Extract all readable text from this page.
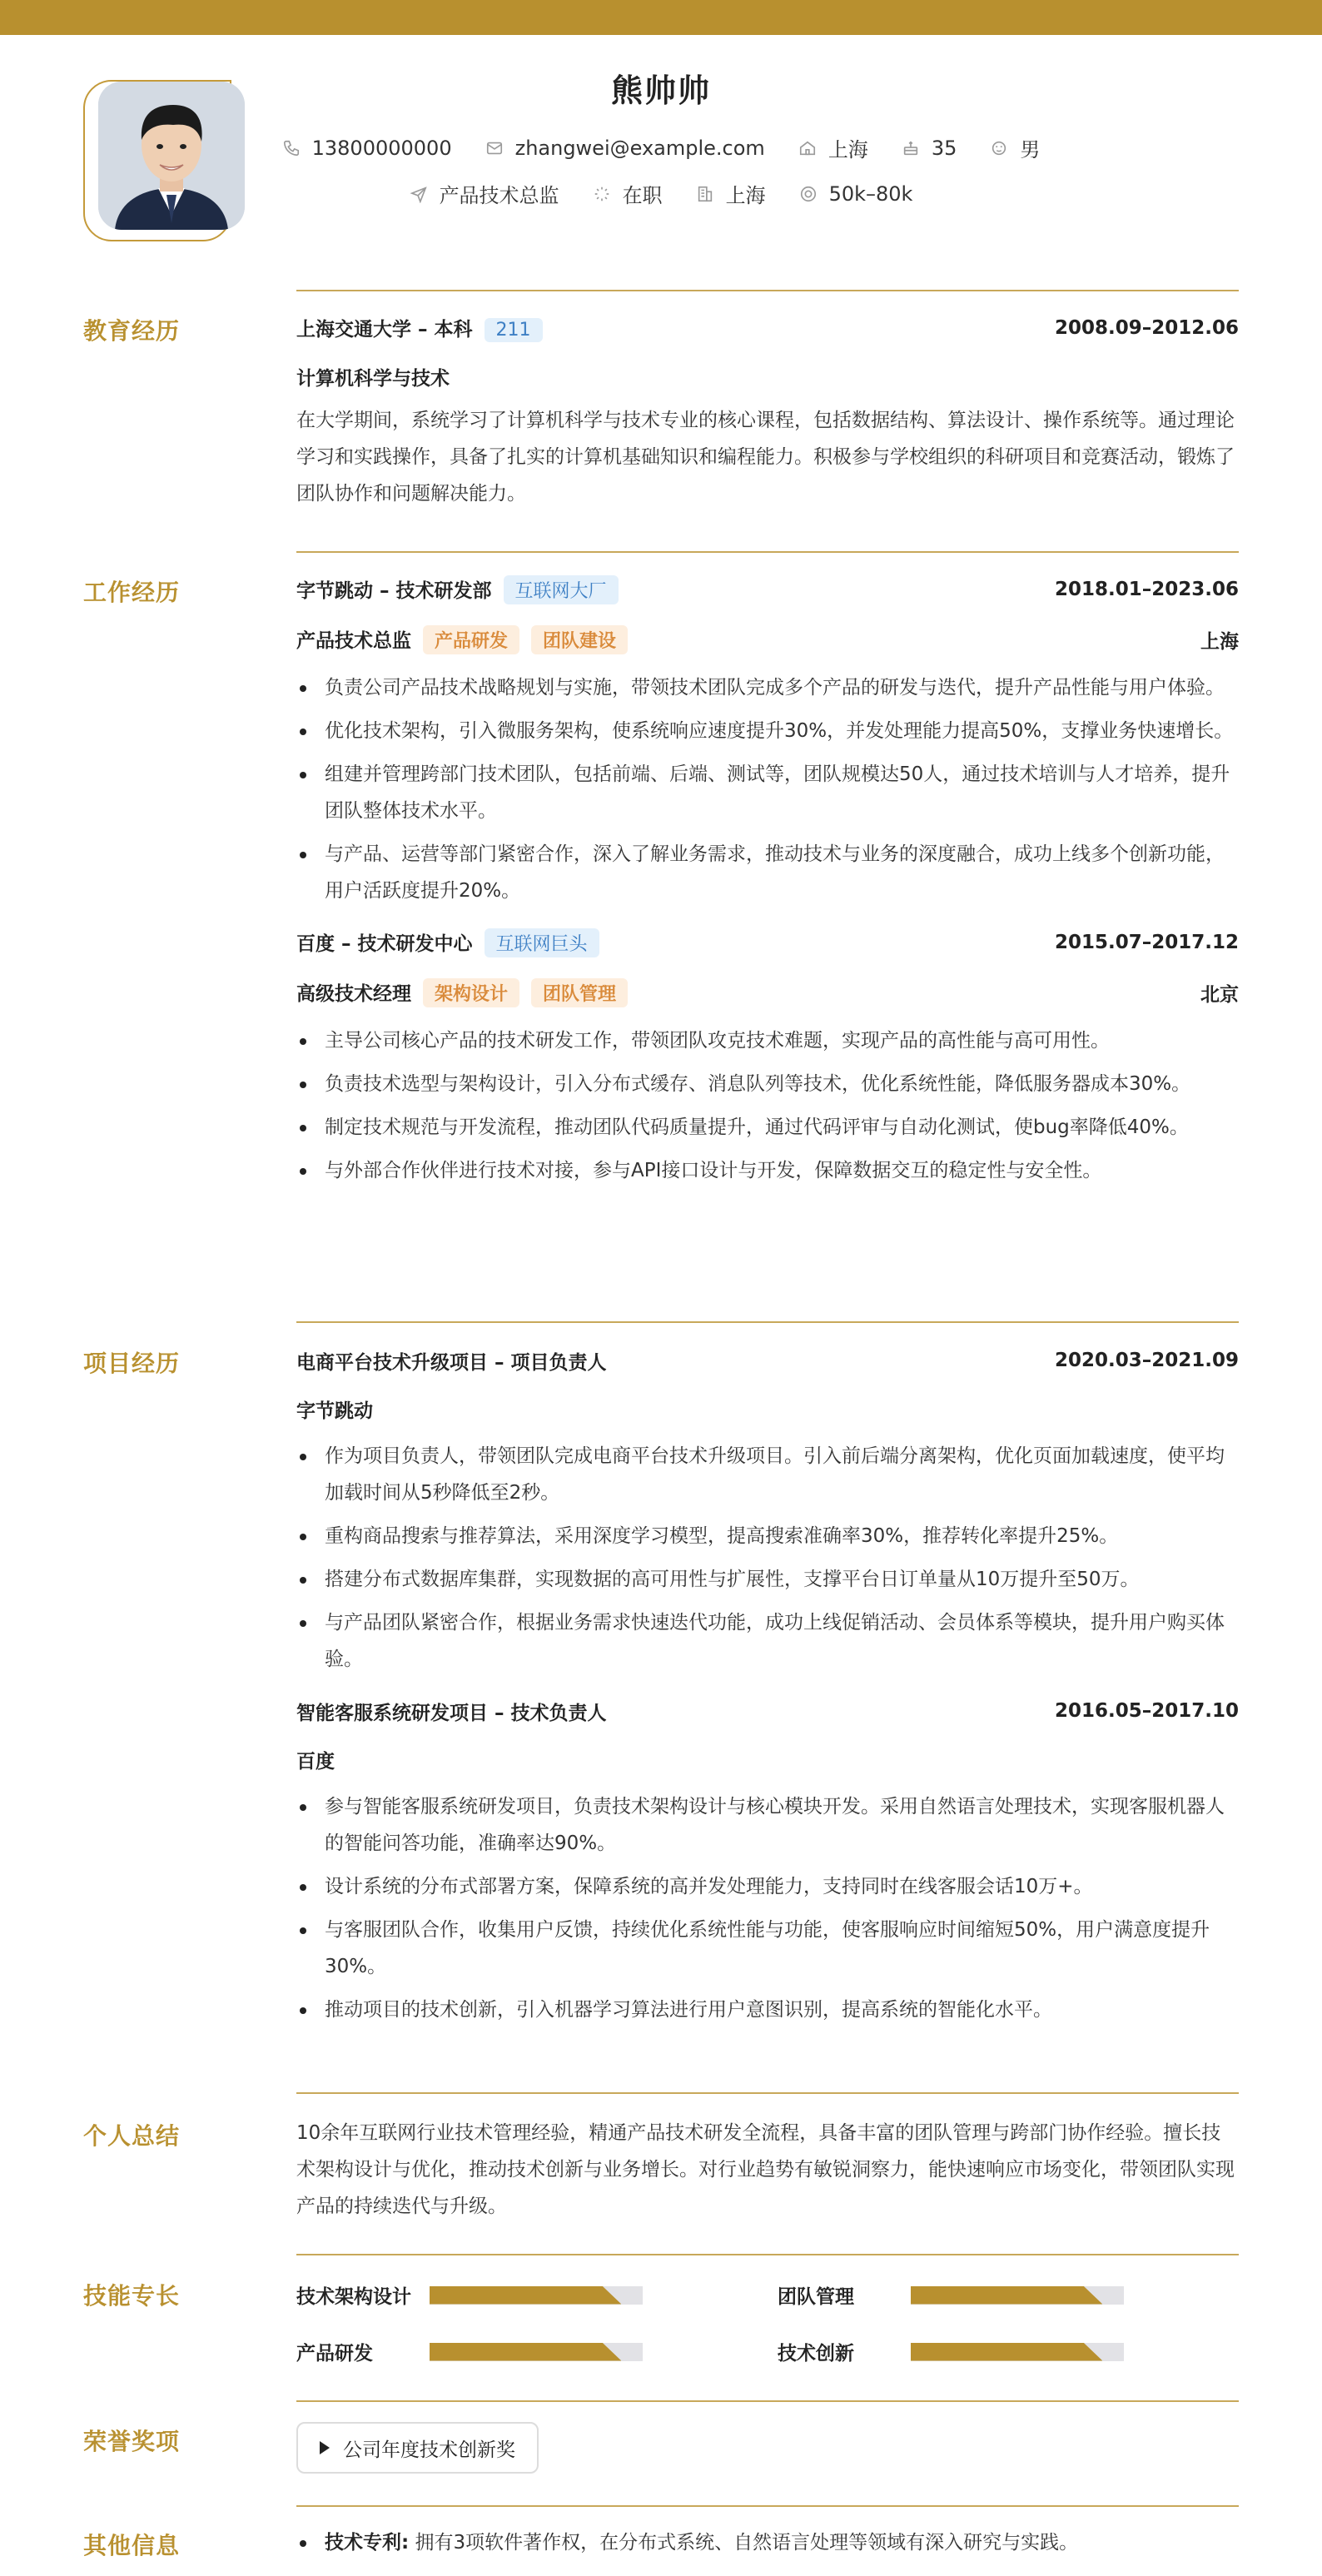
熊帅帅
13800000000	zhangwei@example.com	上海	35	男
产品技术总监	在职	上海	50k–80k
教育经历	上海交通大学 – 本科 211	2008.09–2012.06
计算机科学与技术
在大学期间，系统学习了计算机科学与技术专业的核心课程，包括数据结构、算法设计、操作系统等。通过理论学习和实践操作，具备了扎实的计算机基础知识和编程能力。积极参与学校组织的科研项目和竞赛活动，锻炼了团队协作和问题解决能力。
工作经历	字节跳动 – 技术研发部 互联网大厂	2018.01–2023.06
产品技术总监 产品研发 团队建设	上海
负责公司产品技术战略规划与实施，带领技术团队完成多个产品的研发与迭代，提升产品性能与用户体验。
优化技术架构，引入微服务架构，使系统响应速度提升30%，并发处理能力提高50%，支撑业务快速增长。
组建并管理跨部门技术团队，包括前端、后端、测试等，团队规模达50人，通过技术培训与人才培养，提升团队整体技术水平。
与产品、运营等部门紧密合作，深入了解业务需求，推动技术与业务的深度融合，成功上线多个创新功能，用户活跃度提升20%。
百度 – 技术研发中心 互联网巨头	2015.07–2017.12
高级技术经理 架构设计 团队管理	北京
主导公司核心产品的技术研发工作，带领团队攻克技术难题，实现产品的高性能与高可用性。
负责技术选型与架构设计，引入分布式缓存、消息队列等技术，优化系统性能，降低服务器成本30%。
制定技术规范与开发流程，推动团队代码质量提升，通过代码评审与自动化测试，使bug率降低40%。
与外部合作伙伴进行技术对接，参与API接口设计与开发，保障数据交互的稳定性与安全性。
项目经历	电商平台技术升级项目 – 项目负责人	2020.03–2021.09
字节跳动
作为项目负责人，带领团队完成电商平台技术升级项目。引入前后端分离架构，优化页面加载速度，使平均加载时间从5秒降低至2秒。
重构商品搜索与推荐算法，采用深度学习模型，提高搜索准确率30%，推荐转化率提升25%。
搭建分布式数据库集群，实现数据的高可用性与扩展性，支撑平台日订单量从10万提升至50万。
与产品团队紧密合作，根据业务需求快速迭代功能，成功上线促销活动、会员体系等模块，提升用户购买体验。
智能客服系统研发项目 – 技术负责人	2016.05–2017.10
百度
参与智能客服系统研发项目，负责技术架构设计与核心模块开发。采用自然语言处理技术，实现客服机器人的智能问答功能，准确率达90%。
设计系统的分布式部署方案，保障系统的高并发处理能力，支持同时在线客服会话10万+。
与客服团队合作，收集用户反馈，持续优化系统性能与功能，使客服响应时间缩短50%，用户满意度提升30%。
推动项目的技术创新，引入机器学习算法进行用户意图识别，提高系统的智能化水平。
个人总结	10余年互联网行业技术管理经验，精通产品技术研发全流程，具备丰富的团队管理与跨部门协作经验。擅长技术架构设计与优化，推动技术创新与业务增长。对行业趋势有敏锐洞察力，能快速响应市场变化，带领团队实现产品的持续迭代与升级。
技能专长	技术架构设计	团队管理
产品研发	技术创新
荣誉奖项	公司年度技术创新奖
其他信息	技术专利: 拥有3项软件著作权，在分布式系统、自然语言处理等领域有深入研究与实践。
